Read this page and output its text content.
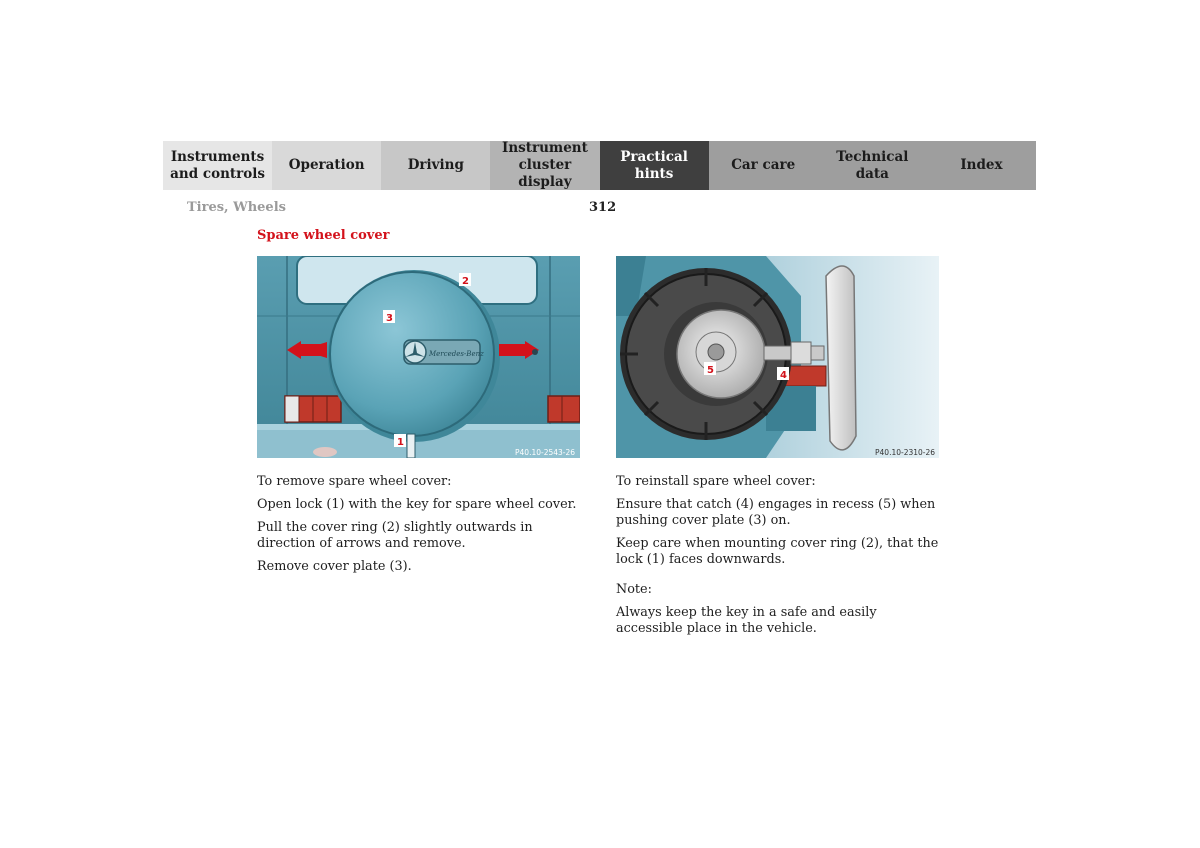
Instruments
and controls
Operation	Driving
Instrument
cluster display
Practical hints
Car care
Technical
data
Index
Tires, Wheels	312
Spare wheel cover
Mercedes-Benz
2
3
1
P40.10-2543-26
5	4
P40.10-2310-26

To remove spare wheel cover:

Open lock (1) with the key for spare wheel cover.

Pull the cover ring (2) slightly outwards in direction of arrows and remove.

Remove cover plate (3).

To reinstall spare wheel cover:

Ensure that catch (4) engages in recess (5) when pushing cover plate (3) on.

Keep care when mounting cover ring (2), that the lock (1) faces downwards.

Note:

Always keep the key in a safe and easily accessible place in the vehicle.
